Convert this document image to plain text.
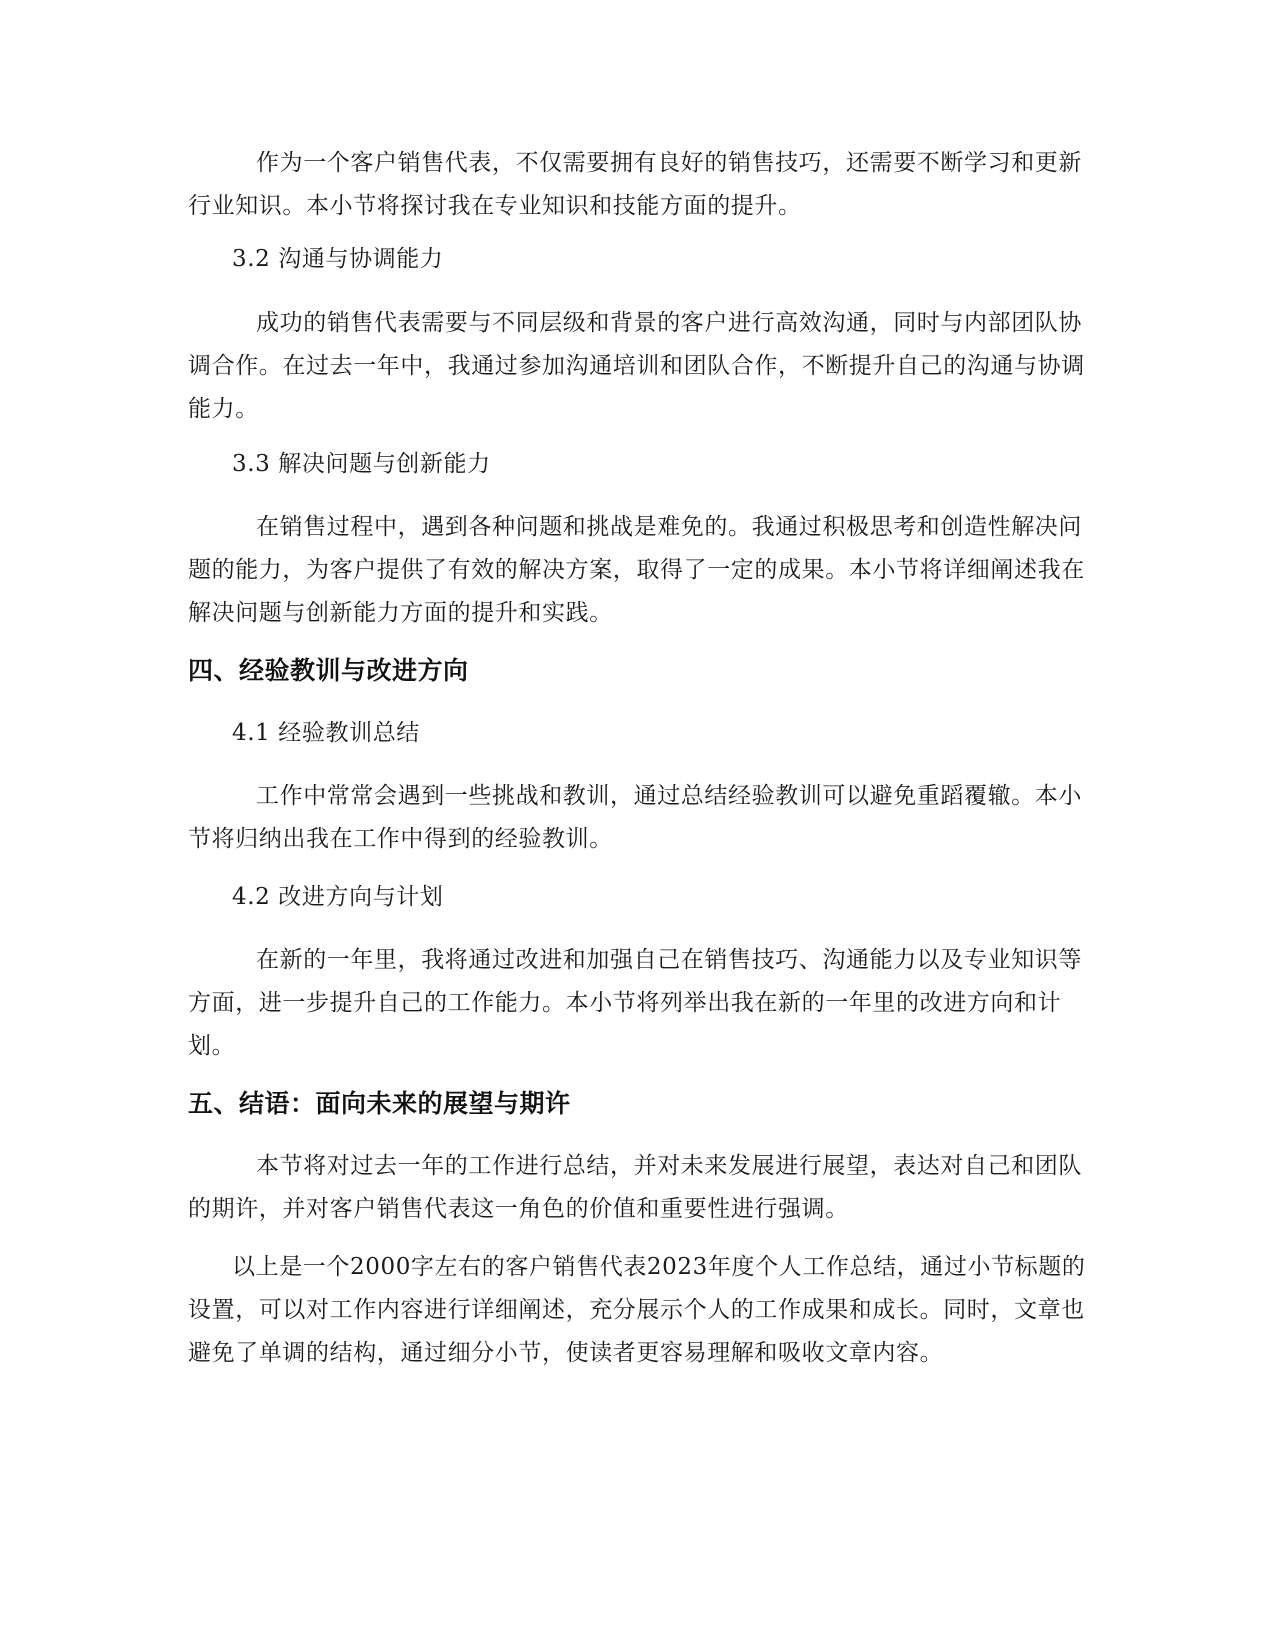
作为一个客户销售代表，不仅需要拥有良好的销售技巧，还需要不断学习和更新行业知识。本小节将探讨我在专业知识和技能方面的提升。

3.2 沟通与协调能力

成功的销售代表需要与不同层级和背景的客户进行高效沟通，同时与内部团队协调合作。在过去一年中，我通过参加沟通培训和团队合作，不断提升自己的沟通与协调能力。

3.3 解决问题与创新能力

在销售过程中，遇到各种问题和挑战是难免的。我通过积极思考和创造性解决问题的能力，为客户提供了有效的解决方案，取得了一定的成果。本小节将详细阐述我在解决问题与创新能力方面的提升和实践。

四、经验教训与改进方向

4.1 经验教训总结

工作中常常会遇到一些挑战和教训，通过总结经验教训可以避免重蹈覆辙。本小节将归纳出我在工作中得到的经验教训。

4.2 改进方向与计划

在新的一年里，我将通过改进和加强自己在销售技巧、沟通能力以及专业知识等方面，进一步提升自己的工作能力。本小节将列举出我在新的一年里的改进方向和计划。

五、结语：面向未来的展望与期许

本节将对过去一年的工作进行总结，并对未来发展进行展望，表达对自己和团队的期许，并对客户销售代表这一角色的价值和重要性进行强调。

以上是一个2000字左右的客户销售代表2023年度个人工作总结，通过小节标题的设置，可以对工作内容进行详细阐述，充分展示个人的工作成果和成长。同时，文章也避免了单调的结构，通过细分小节，使读者更容易理解和吸收文章内容。
